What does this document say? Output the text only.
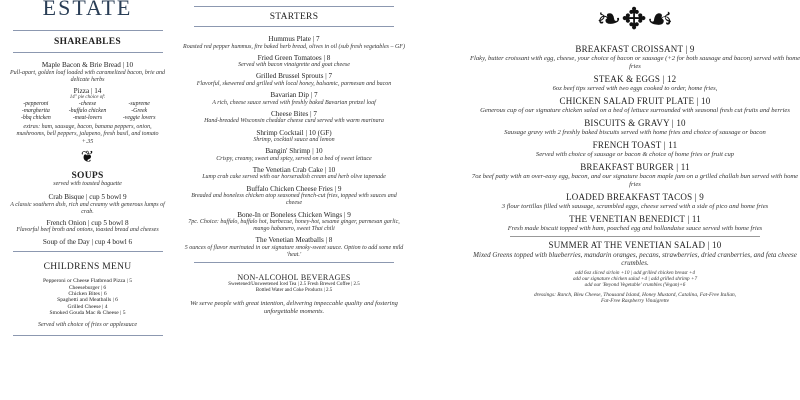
ESTATE
SHAREABLES
Maple Bacon & Brie Bread | 10
Pull-apart, golden loaf loaded with caramelized bacon, brie and delicate herbs
Pizza | 14
14" pie choice of:
-pepperoni	-cheese	-supreme
-margherita	-buffalo chicken	-Greek
-bbq chicken	-meat-lovers	-veggie lovers
extras: ham, sausage, bacon, banana peppers, onion, mushrooms, bell peppers, jalapeno, fresh basil, and tomato +.35
❦
SOUPS
served with toasted baguette
Crab Bisque | cup 5 bowl 9
A classic southern dish, rich and creamy with generous lumps of crab.
French Onion | cup 5 bowl 8
Flavorful beef broth and onions, toasted bread and cheeses
Soup of the Day | cup 4 bowl 6
CHILDRENS MENU
Pepperoni or Cheese Flatbread Pizza | 5
Cheeseburger | 6
Chicken Bites | 6
Spaghetti and Meatballs | 6
Grilled Cheese | 4
Smoked Gouda Mac & Cheese | 5
Served with choice of fries or applesauce
STARTERS
Hummus Plate | 7
Roasted red pepper hummus, fire baked herb bread, olives in oil (sub fresh vegetables – GF)
Fried Green Tomatoes | 8
Served with bacon vinaigrette and goat cheese
Grilled Brussel Sprouts | 7
Flavorful, skewered and grilled with local honey, balsamic, parmesan and bacon
Bavarian Dip | 7
A rich, cheese sauce served with freshly baked Bavarian pretzel loaf
Cheese Bites | 7
Hand-breaded Wisconsin cheddar cheese curd served with warm marinara
Shrimp Cocktail | 10 (GF)
Shrimp, cocktail sauce and lemon
Bangin' Shrimp | 10
Crispy, creamy, sweet and spicy, served on a bed of sweet lettuce
The Venetian Crab Cake | 10
Lump crab cake served with our horseradish cream and herb olive tapenade
Buffalo Chicken Cheese Fries | 9
Breaded and boneless chicken atop seasoned french-cut fries, topped with sauces and cheese
Bone-In or Boneless Chicken Wings | 9
7pc. Choice: buffalo, buffalo hot, barbecue, honey-hot, sesame ginger, parmesan garlic, mango habanero, sweet Thai chili
The Venetian Meatballs | 8
5 ounces of flavor marinated in our signature smoky-sweet sauce. Option to add some mild 'heat.'
NON-ALCOHOL BEVERAGES
Sweetened/Unsweetened Iced Tea | 2.5 Fresh Brewed Coffee | 2.5
Bottled Water and Coke Products | 2.5
We serve people with great intention, delivering impeccable quality and fostering unforgettable moments.
❧✥☙
BREAKFAST CROISSANT | 9
Flaky, butter croissant with egg, cheese, your choice of bacon or sausage (+2 for both sausage and bacon) served with home fries
STEAK & EGGS | 12
6oz beef tips served with two eggs cooked to order, home fries,
CHICKEN SALAD FRUIT PLATE | 10
Generous cup of our signature chicken salad on a bed of lettuce surrounded with seasonal fresh cut fruits and berries
BISCUITS & GRAVY | 10
Sausage gravy with 2 freshly baked biscuits served with home fries and choice of sausage or bacon
FRENCH TOAST | 11
Served with choice of sausage or bacon & choice of home fries or fruit cup
BREAKFAST BURGER | 11
7oz beef patty with an over-easy egg, bacon, and our signature bacon maple jam on a grilled challah bun served with home fries
LOADED BREAKFAST TACOS | 9
3 flour tortillas filled with sausage, scrambled eggs, cheese served with a side of pico and home fries
THE VENETIAN BENEDICT | 11
Fresh made biscuit topped with ham, poached egg and hollandaise sauce served with home fries
SUMMER AT THE VENETIAN SALAD | 10
Mixed Greens topped with blueberries, mandarin oranges, pecans, strawberries, dried cranberries, and feta cheese crumbles.
add 6oz sliced sirloin +10 | add grilled chicken breast +4
add our signature chicken salad +4 | add grilled shrimp +7
add our 'Beyond Vegetable' crumbles (Vegan)+6
dressings: Ranch, Bleu Cheese, Thousand Island, Honey Mustard, Catalina, Fat-Free Italian, Fat-Free Raspberry Vinaigrette
